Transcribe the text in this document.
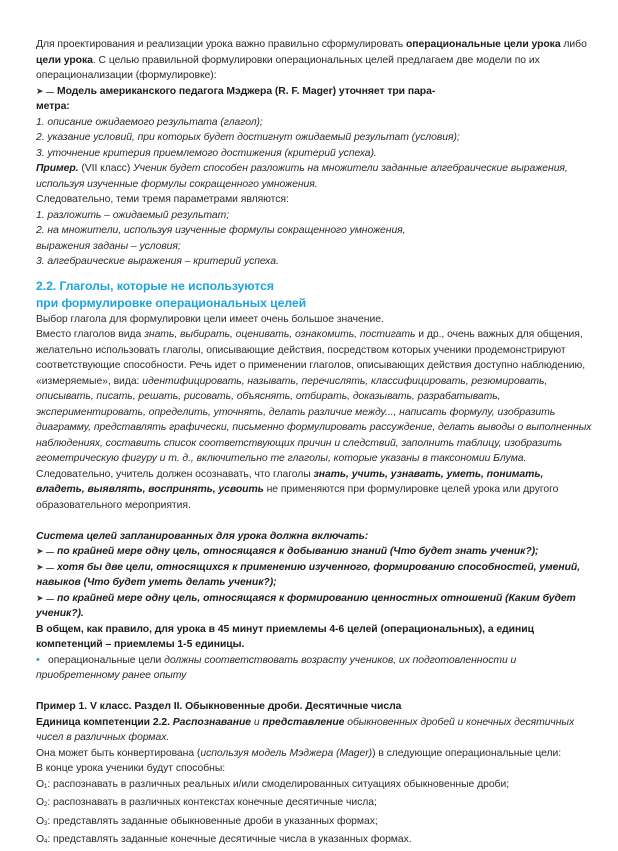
Для проектирования и реализации урока важно правильно сформулировать операциональные цели урока либо цели урока. С целью правильной формулировки операциональных целей предлагаем две модели по их операционализации (формулировке):

➤ Модель американского педагога Мэджера (R. F. Mager) уточняет три пара-

метра:

1. описание ожидаемого результата (глагол);

2. указание условий, при которых будет достигнут ожидаемый результат (условия);

3. уточнение критерия приемлемого достижения (критерий успеха).

Пример. (VII класс) Ученик будет способен разложить на множители заданные алгебраические выражения, используя изученные формулы сокращенного умножения.

Следовательно, теми тремя параметрами являются:

1. разложить – ожидаемый результат;

2. на множители, используя изученные формулы сокращенного умножения,

выражения заданы – условия;

3. алгебраические выражения – критерий успеха.

2.2. Глаголы, которые не используются
при формулировке операциональных целей

Выбор глагола для формулировки цели имеет очень большое значение.

Вместо глаголов вида знать, выбирать, оценивать, ознакомить, постигать и др., очень важных для общения, желательно использовать глаголы, описывающие действия, посредством которых ученики продемонстрируют соответствующие способности. Речь идет о применении глаголов, описывающих действия доступно наблюдению, «измеряемые», вида: идентифицировать, называть, перечислять, классифицировать, резюмировать, описывать, писать, решать, рисовать, объяснять, отбирать, доказывать, разрабатывать, экспериментировать, определить, уточнять, делать различие между..., написать формулу, изобразить диаграмму, представлять графически, письменно формулировать рассуждение, делать выводы о выполненных наблюдениях, составить список соответствующих причин и следствий, заполнить таблицу, изобразить геометрическую фигуру и т. д., включительно те глаголы, которые указаны в таксономии Блума.

Следовательно, учитель должен осознавать, что глаголы знать, учить, узнавать, уметь, понимать, владеть, выявлять, воспринять, усвоить не применяются при формулировке целей урока или другого образовательного мероприятия.

Система целей запланированных для урока должна включать:

➤ по крайней мере одну цель, относящаяся к добыванию знаний (Что будет знать ученик?);

➤ хотя бы две цели, относящихся к применению изученного, формированию способностей, умений, навыков (Что будет уметь делать ученик?);

➤ по крайней мере одну цель, относящаяся к формированию ценностных отношений (Каким будет ученик?).

В общем, как правило, для урока в 45 минут приемлемы 4-6 целей (операциональных), а единиц компетенций – приемлемы 1-5 единицы.

• операциональные цели должны соответствовать возрасту учеников, их подготовленности и приобретенному ранее опыту

Пример 1. V класс. Раздел II. Обыкновенные дроби. Десятичные числа

Единица компетенции 2.2. Распознавание и представление обыкновенных дробей и конечных десятичных чисел в различных формах.

Она может быть конвертирована (используя модель Мэджера (Mager)) в следующие операциональные цели:

В конце урока ученики будут способны:

O1: распознавать в различных реальных и/или смоделированных ситуациях обыкновенные дроби;

O2: распознавать в различных контекстах конечные десятичные числа;

O3: представлять заданные обыкновенные дроби в указанных формах;

O4: представлять заданные конечные десятичные числа в указанных формах.
